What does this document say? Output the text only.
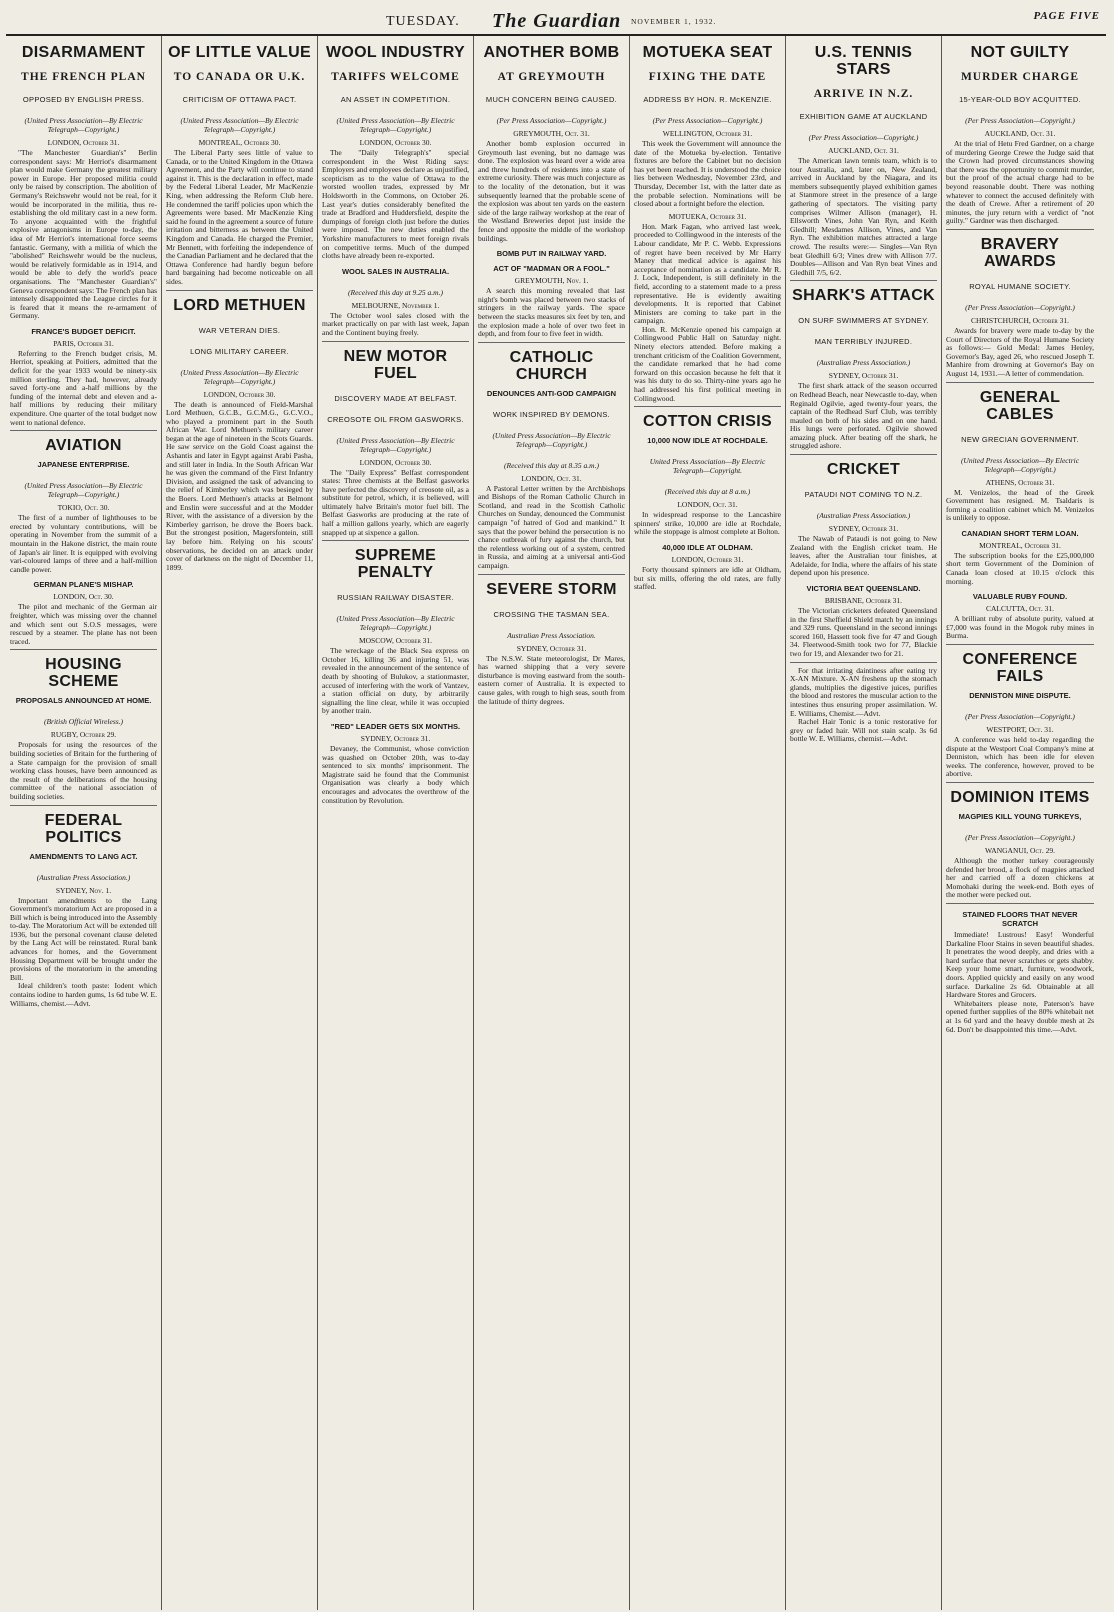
TUESDAY. The Guardian NOVEMBER 1, 1932.	PAGE FIVE
DISARMAMENT
THE FRENCH PLAN
OPPOSED BY ENGLISH PRESS.
(United Press Association—By Electric Telegraph—Copyright.)
LONDON, October 31.

"The Manchester Guardian's" Berlin correspondent says: Mr Herriot's disarmament plan would make Germany the greatest military power in Europe. Her proposed militia could only be raised by conscription. The abolition of Germany's Reichswehr would not be real, for it would be incorporated in the militia, thus re-establishing the old military cast in a new form. To anyone acquainted with the frightful explosive antagonisms in Europe to-day, the idea of Mr Herriot's international force seems fantastic. Germany, with a militia of which the "abolished" Reichswehr would be the nucleus, would be relatively formidable as in 1914, and would be able to defy the world's peace organisations. The "Manchester Guardian's" Geneva correspondent says: The French plan has intensely disappointed the League circles for it is feared that it means the re-armament of Germany.

FRANCE'S BUDGET DEFICIT.
PARIS, October 31.

Referring to the French budget crisis, M. Herriot, speaking at Poitiers, admitted that the deficit for the year 1933 would be ninety-six million sterling. They had, however, already saved forty-one and a-half millions by the funding of the internal debt and eleven and a-half millions by reducing their military expenditure. One quarter of the total budget now went to national defence.

AVIATION
JAPANESE ENTERPRISE.
(United Press Association—By Electric Telegraph—Copyright.)
TOKIO, Oct. 30.

The first of a number of lighthouses to be erected by voluntary contributions, will be operating in November from the summit of a mountain in the Hakone district, the main route of Japan's air liner. It is equipped with evolving vari-coloured lamps of three and a half-million candle power.

GERMAN PLANE'S MISHAP.
LONDON, Oct. 30.

The pilot and mechanic of the German air freighter, which was missing over the channel and which sent out S.O.S messages, were rescued by a steamer. The plane has not been traced.

HOUSING SCHEME
PROPOSALS ANNOUNCED AT HOME.
(British Official Wireless.)
RUGBY, October 29.

Proposals for using the resources of the building societies of Britain for the furthering of a State campaign for the provision of small working class houses, have been announced as the result of the deliberations of the housing committee of the national association of building societies.

FEDERAL POLITICS
AMENDMENTS TO LANG ACT.
(Australian Press Association.)
SYDNEY, Nov. 1.

Important amendments to the Lang Government's moratorium Act are proposed in a Bill which is being introduced into the Assembly to-day. The Moratorium Act will be extended till 1936, but the personal covenant clause deleted by the Lang Act will be reinstated. Rural bank advances for homes, and the Government Housing Department will be brought under the provisions of the moratorium in the amending Bill.

Ideal children's tooth paste: Iodent which contains iodine to harden gums, 1s 6d tube W. E. Williams, chemist.—Advt.

OF LITTLE VALUE
TO CANADA OR U.K.
CRITICISM OF OTTAWA PACT.
(United Press Association—By Electric Telegraph—Copyright.)
MONTREAL, October 30.

The Liberal Party sees little of value to Canada, or to the United Kingdom in the Ottawa Agreement, and the Party will continue to stand against it. This is the declaration in effect, made by the Federal Liberal Leader, Mr MacKenzie King, when addressing the Reform Club here. He condemned the tariff policies upon which the Agreements were based. Mr MacKenzie King said he found in the agreement a source of future irritation and bitterness as between the United Kingdom and Canada. He charged the Premier, Mr Bennett, with forfeiting the independence of the Canadian Parliament and he declared that the Ottawa Conference had hardly begun before hard bargaining had become noticeable on all sides.

LORD METHUEN
WAR VETERAN DIES.
LONG MILITARY CAREER.
(United Press Association—By Electric Telegraph—Copyright.)
LONDON, October 30.

The death is announced of Field-Marshal Lord Methuen, G.C.B., G.C.M.G., G.C.V.O., who played a prominent part in the South African War. Lord Methuen's military career began at the age of nineteen in the Scots Guards. He saw service on the Gold Coast against the Ashantis and later in Egypt against Arabi Pasha, and still later in India. In the South African War he was given the command of the First Infantry Division, and assigned the task of advancing to the relief of Kimberley which was besieged by the Boers. Lord Methuen's attacks at Belmont and Enslin were successful and at the Modder River, with the assistance of a diversion by the Kimberley garrison, he drove the Boers back. But the strongest position, Magersfontein, still lay before him. Relying on his scouts' observations, he decided on an attack under cover of darkness on the night of December 11, 1899.

WOOL INDUSTRY
TARIFFS WELCOME
AN ASSET IN COMPETITION.
(United Press Association—By Electric Telegraph—Copyright.)
LONDON, October 30.

The "Daily Telegraph's" special correspondent in the West Riding says: Employers and employees declare as unjustified, scepticism as to the value of Ottawa to the worsted woollen trades, expressed by Mr Holdsworth in the Commons, on October 26. Last year's duties considerably benefited the trade at Bradford and Huddersfield, despite the dumpings of foreign cloth just before the duties were imposed. The new duties enabled the Yorkshire manufacturers to meet foreign rivals on competitive terms. Much of the dumped cloths have already been re-exported.

WOOL SALES IN AUSTRALIA.
(Received this day at 9.25 a.m.)
MELBOURNE, November 1.

The October wool sales closed with the market practically on par with last week, Japan and the Continent buying freely.

NEW MOTOR FUEL
DISCOVERY MADE AT BELFAST.
CREOSOTE OIL FROM GASWORKS.
(United Press Association—By Electric Telegraph—Copyright.)
LONDON, October 30.

The "Daily Express" Belfast correspondent states: Three chemists at the Belfast gasworks have perfected the discovery of creosote oil, as a substitute for petrol, which, it is believed, will ultimately halve Britain's motor fuel bill. The Belfast Gasworks are producing at the rate of half a million gallons yearly, which are eagerly snapped up at sixpence a gallon.

SUPREME PENALTY
RUSSIAN RAILWAY DISASTER.
(United Press Association—By Electric Telegraph—Copyright.)
MOSCOW, October 31.

The wreckage of the Black Sea express on October 16, killing 36 and injuring 51, was revealed in the announcement of the sentence of death by shooting of Bulukov, a stationmaster, accused of interfering with the work of Vantzev, a station official on duty, by arbitrarily signalling the line clear, while it was occupied by another train.

"RED" LEADER GETS SIX MONTHS.
SYDNEY, October 31.

Devaney, the Communist, whose conviction was quashed on October 20th, was to-day sentenced to six months' imprisonment. The Magistrate said he found that the Communist Organisation was clearly a body which encourages and advocates the overthrow of the constitution by Revolution.

ANOTHER BOMB
AT GREYMOUTH
MUCH CONCERN BEING CAUSED.
(Per Press Association—Copyright.)
GREYMOUTH, Oct. 31.

Another bomb explosion occurred in Greymouth last evening, but no damage was done. The explosion was heard over a wide area and threw hundreds of residents into a state of extreme curiosity. There was much conjecture as to the locality of the detonation, but it was subsequently learned that the probable scene of the explosion was about ten yards on the eastern side of the large railway workshop at the rear of the Westland Breweries depot just inside the fence and opposite the middle of the workshop buildings.

BOMB PUT IN RAILWAY YARD.
ACT OF "MADMAN OR A FOOL."
GREYMOUTH, Nov. 1.

A search this morning revealed that last night's bomb was placed between two stacks of stringers in the railway yards. The space between the stacks measures six feet by ten, and the explosion made a hole of over two feet in depth, and from four to five feet in width.

CATHOLIC CHURCH
DENOUNCES ANTI-GOD CAMPAIGN
WORK INSPIRED BY DEMONS.
(United Press Association—By Electric Telegraph—Copyright.)
(Received this day at 8.35 a.m.)
LONDON, Oct. 31.

A Pastoral Letter written by the Archbishops and Bishops of the Roman Catholic Church in Scotland, and read in the Scottish Catholic Churches on Sunday, denounced the Communist campaign "of hatred of God and mankind." It says that the power behind the persecution is no chance outbreak of fury against the church, but the relentless working out of a system, centred in Russia, and aiming at a universal anti-God campaign.

SEVERE STORM
CROSSING THE TASMAN SEA.
Australian Press Association.
SYDNEY, October 31.

The N.S.W. State meteorologist, Dr Mares, has warned shipping that a very severe disturbance is moving eastward from the south-eastern corner of Australia. It is expected to cause gales, with rough to high seas, south from the latitude of thirty degrees.

MOTUEKA SEAT
FIXING THE DATE
ADDRESS BY HON. R. McKENZIE.
(Per Press Association—Copyright.)
WELLINGTON, October 31.

This week the Government will announce the date of the Motueka by-election. Tentative fixtures are before the Cabinet but no decision has yet been reached. It is understood the choice lies between Wednesday, November 23rd, and Thursday, December 1st, with the latter date as the probable selection. Nominations will be closed about a fortnight before the election.

MOTUEKA, October 31.

Hon. Mark Fagan, who arrived last week, proceeded to Collingwood in the interests of the Labour candidate, Mr P. C. Webb. Expressions of regret have been received by Mr Harry Maney that medical advice is against his acceptance of nomination as a candidate. Mr R. J. Lock, Independent, is still definitely in the field, according to a statement made to a press representative. He is evidently awaiting developments. It is reported that Cabinet Ministers are coming to take part in the campaign.

Hon. R. McKenzie opened his campaign at Collingwood Public Hall on Saturday night. Ninety electors attended. Before making a trenchant criticism of the Coalition Government, the candidate remarked that he had come forward on this occasion because he felt that it was his duty to do so. Thirty-nine years ago he had addressed his first political meeting in Collingwood.

COTTON CRISIS
10,000 NOW IDLE AT ROCHDALE.
United Press Association—By Electric Telegraph—Copyright.
(Received this day at 8 a.m.)
LONDON, Oct. 31.

In widespread response to the Lancashire spinners' strike, 10,000 are idle at Rochdale, while the stoppage is almost complete at Bolton.

40,000 IDLE AT OLDHAM.
LONDON, October 31.

Forty thousand spinners are idle at Oldham, but six mills, offering the old rates, are fully staffed.

U.S. TENNIS STARS
ARRIVE IN N.Z.
EXHIBITION GAME AT AUCKLAND
(Per Press Association—Copyright.)
AUCKLAND, Oct. 31.

The American lawn tennis team, which is to tour Australia, and, later on, New Zealand, arrived in Auckland by the Niagara, and its members subsequently played exhibition games at Stanmore street in the presence of a large gathering of spectators. The visiting party comprises Wilmer Allison (manager), H. Ellsworth Vines, John Van Ryn, and Keith Gledhill; Mesdames Allison, Vines, and Van Ryn. The exhibition matches attracted a large crowd. The results were:— Singles—Van Ryn beat Gledhill 6/3; Vines drew with Allison 7/7. Doubles—Allison and Van Ryn beat Vines and Gledhill 7/5, 6/2.

SHARK'S ATTACK
ON SURF SWIMMERS AT SYDNEY.
MAN TERRIBLY INJURED.
(Australian Press Association.)
SYDNEY, October 31.

The first shark attack of the season occurred on Redhead Beach, near Newcastle to-day, when Reginald Ogilvie, aged twenty-four years, the captain of the Redhead Surf Club, was terribly mauled on both of his sides and on one hand. His lungs were perforated. Ogilvie showed amazing pluck. After beating off the shark, he struggled ashore.

CRICKET
PATAUDI NOT COMING TO N.Z.
(Australian Press Association.)
SYDNEY, October 31.

The Nawab of Pataudi is not going to New Zealand with the English cricket team. He leaves, after the Australian tour finishes, at Adelaide, for India, where the affairs of his state depend upon his presence.

VICTORIA BEAT QUEENSLAND.
BRISBANE, October 31.

The Victorian cricketers defeated Queensland in the first Sheffield Shield match by an innings and 329 runs. Queensland in the second innings scored 160, Hassett took five for 47 and Gough 34. Fleetwood-Smith took two for 77, Blackie two for 19, and Alexander two for 21.

For that irritating daintiness after eating try X-AN Mixture. X-AN freshens up the stomach glands, multiplies the digestive juices, purifies the blood and restores the muscular action to the intestines thus ensuring proper assimilation. W. E. Williams, Chemist.—Advt.

Rachel Hair Tonic is a tonic restorative for grey or faded hair. Will not stain scalp. 3s 6d bottle W. E. Williams, chemist.—Advt.

NOT GUILTY
MURDER CHARGE
15-YEAR-OLD BOY ACQUITTED.
(Per Press Association—Copyright.)
AUCKLAND, Oct. 31.

At the trial of Hetu Fred Gardner, on a charge of murdering George Crewe the Judge said that the Crown had proved circumstances showing that there was the opportunity to commit murder, but the proof of the actual charge had to be beyond reasonable doubt. There was nothing whatever to connect the accused definitely with the death of Crewe. After a retirement of 20 minutes, the jury return with a verdict of "not guilty." Gardner was then discharged.

BRAVERY AWARDS
ROYAL HUMANE SOCIETY.
(Per Press Association—Copyright.)
CHRISTCHURCH, October 31.

Awards for bravery were made to-day by the Court of Directors of the Royal Humane Society as follows:— Gold Medal: James Henley, Governor's Bay, aged 26, who rescued Joseph T. Manhire from drowning at Governor's Bay on August 14, 1931.—A letter of commendation.

GENERAL CABLES
NEW GRECIAN GOVERNMENT.
(United Press Association—By Electric Telegraph—Copyright.)
ATHENS, October 31.

M. Venizelos, the head of the Greek Government has resigned. M. Tsaldaris is forming a coalition cabinet which M. Venizelos is unlikely to oppose.

CANADIAN SHORT TERM LOAN.
MONTREAL, October 31.

The subscription books for the £25,000,000 short term Government of the Dominion of Canada loan closed at 10.15 o'clock this morning.

VALUABLE RUBY FOUND.
CALCUTTA, Oct. 31.

A brilliant ruby of absolute purity, valued at £7,000 was found in the Mogok ruby mines in Burma.

CONFERENCE FAILS
DENNISTON MINE DISPUTE.
(Per Press Association—Copyright.)
WESTPORT, Oct. 31.

A conference was held to-day regarding the dispute at the Westport Coal Company's mine at Denniston, which has been idle for eleven weeks. The conference, however, proved to be abortive.

DOMINION ITEMS
MAGPIES KILL YOUNG TURKEYS,
(Per Press Association—Copyright.)
WANGANUI, Oct. 29.

Although the mother turkey courageously defended her brood, a flock of magpies attacked her and carried off a dozen chickens at Momohaki during the week-end. Both eyes of the mother were pecked out.

STAINED FLOORS THAT NEVER SCRATCH

Immediate! Lustrous! Easy! Wonderful Darkaline Floor Stains in seven beautiful shades. It penetrates the wood deeply, and dries with a hard surface that never scratches or gets shabby. Keep your home smart, furniture, woodwork, doors. Applied quickly and easily on any wood surface. Darkaline 2s 6d. Obtainable at all Hardware Stores and Grocers.

Whitebaiters please note, Paterson's have opened further supplies of the 80% whitebait net at 1s 6d yard and the heavy double mesh at 2s 6d. Don't be disappointed this time.—Advt.
